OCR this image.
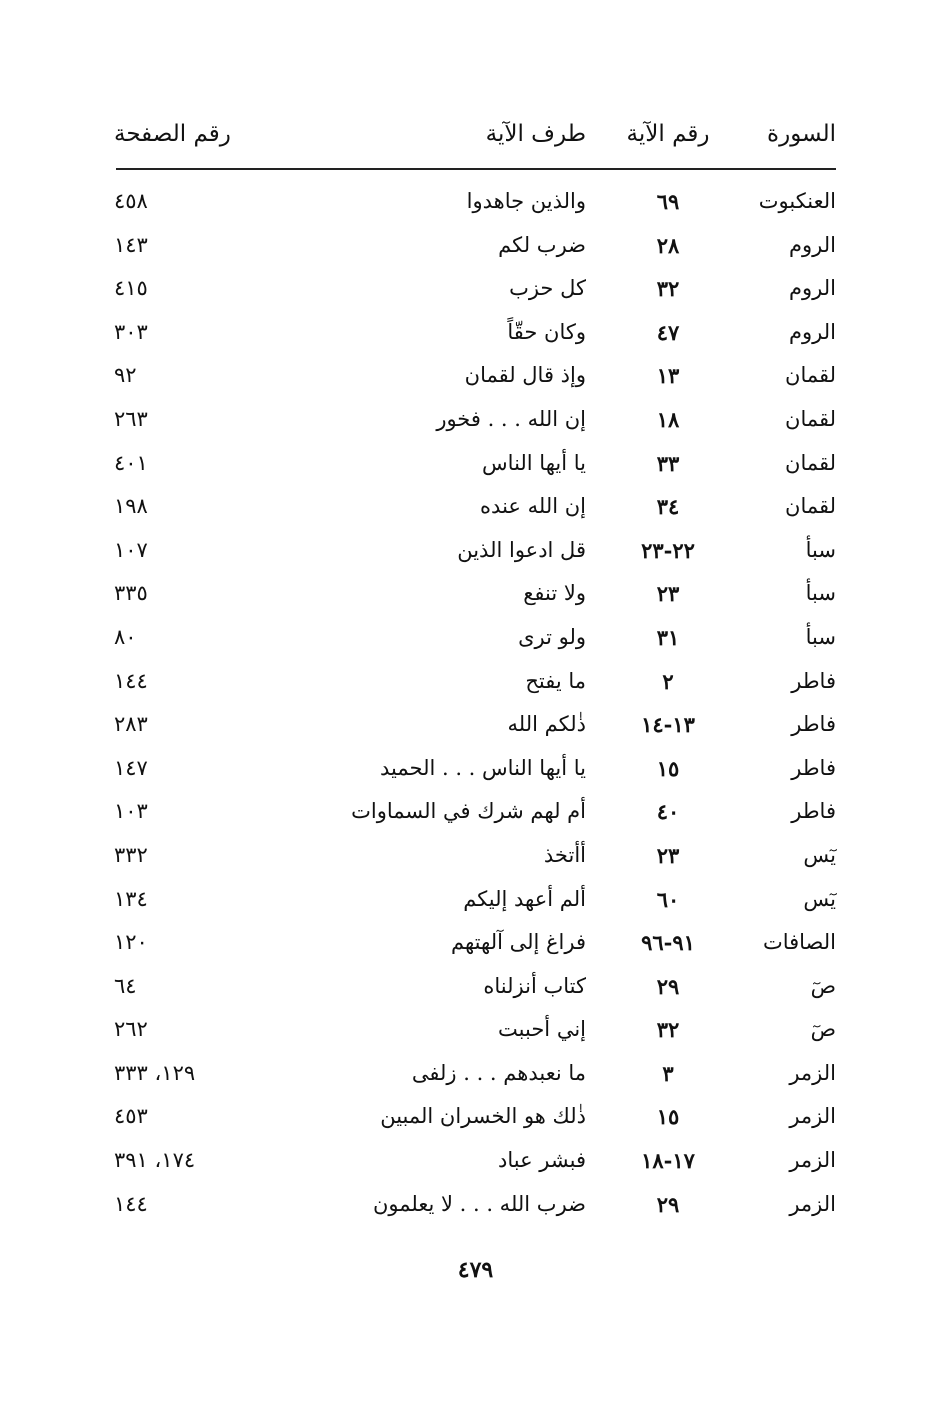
السورة
رقم الآية
طرف الآية
رقم الصفحة
العنكبوت
٦٩
والذين جاهدوا
٤٥٨
الروم
٢٨
ضرب لكم
١٤٣
الروم
٣٢
كل حزب
٤١٥
الروم
٤٧
وكان حقّاً
٣٠٣
لقمان
١٣
وإذ قال لقمان
٩٢
لقمان
١٨
إن الله . . . فخور
٢٦٣
لقمان
٣٣
يا أيها الناس
٤٠١
لقمان
٣٤
إن الله عنده
١٩٨
سبأ
٢٢-٢٣
قل ادعوا الذين
١٠٧
سبأ
٢٣
ولا تنفع
٣٣٥
سبأ
٣١
ولو ترى
٨٠
فاطر
٢
ما يفتح
١٤٤
فاطر
١٣-١٤
ذٰلكم الله
٢٨٣
فاطر
١٥
يا أيها الناس . . . الحميد
١٤٧
فاطر
٤٠
أم لهم شرك في السماوات
١٠٣
يٓس
٢٣
أأتخذ
٣٣٢
يٓس
٦٠
ألم أعهد إليكم
١٣٤
الصافات
٩١-٩٦
فراغ إلى آلهتهم
١٢٠
صٓ
٢٩
كتاب أنزلناه
٦٤
صٓ
٣٢
إني أحببت
٢٦٢
الزمر
٣
ما نعبدهم . . . زلفى
١٢٩، ٣٣٣
الزمر
١٥
ذٰلك هو الخسران المبين
٤٥٣
الزمر
١٧-١٨
فبشر عباد
١٧٤، ٣٩١
الزمر
٢٩
ضرب الله . . . لا يعلمون
١٤٤
٤٧٩
